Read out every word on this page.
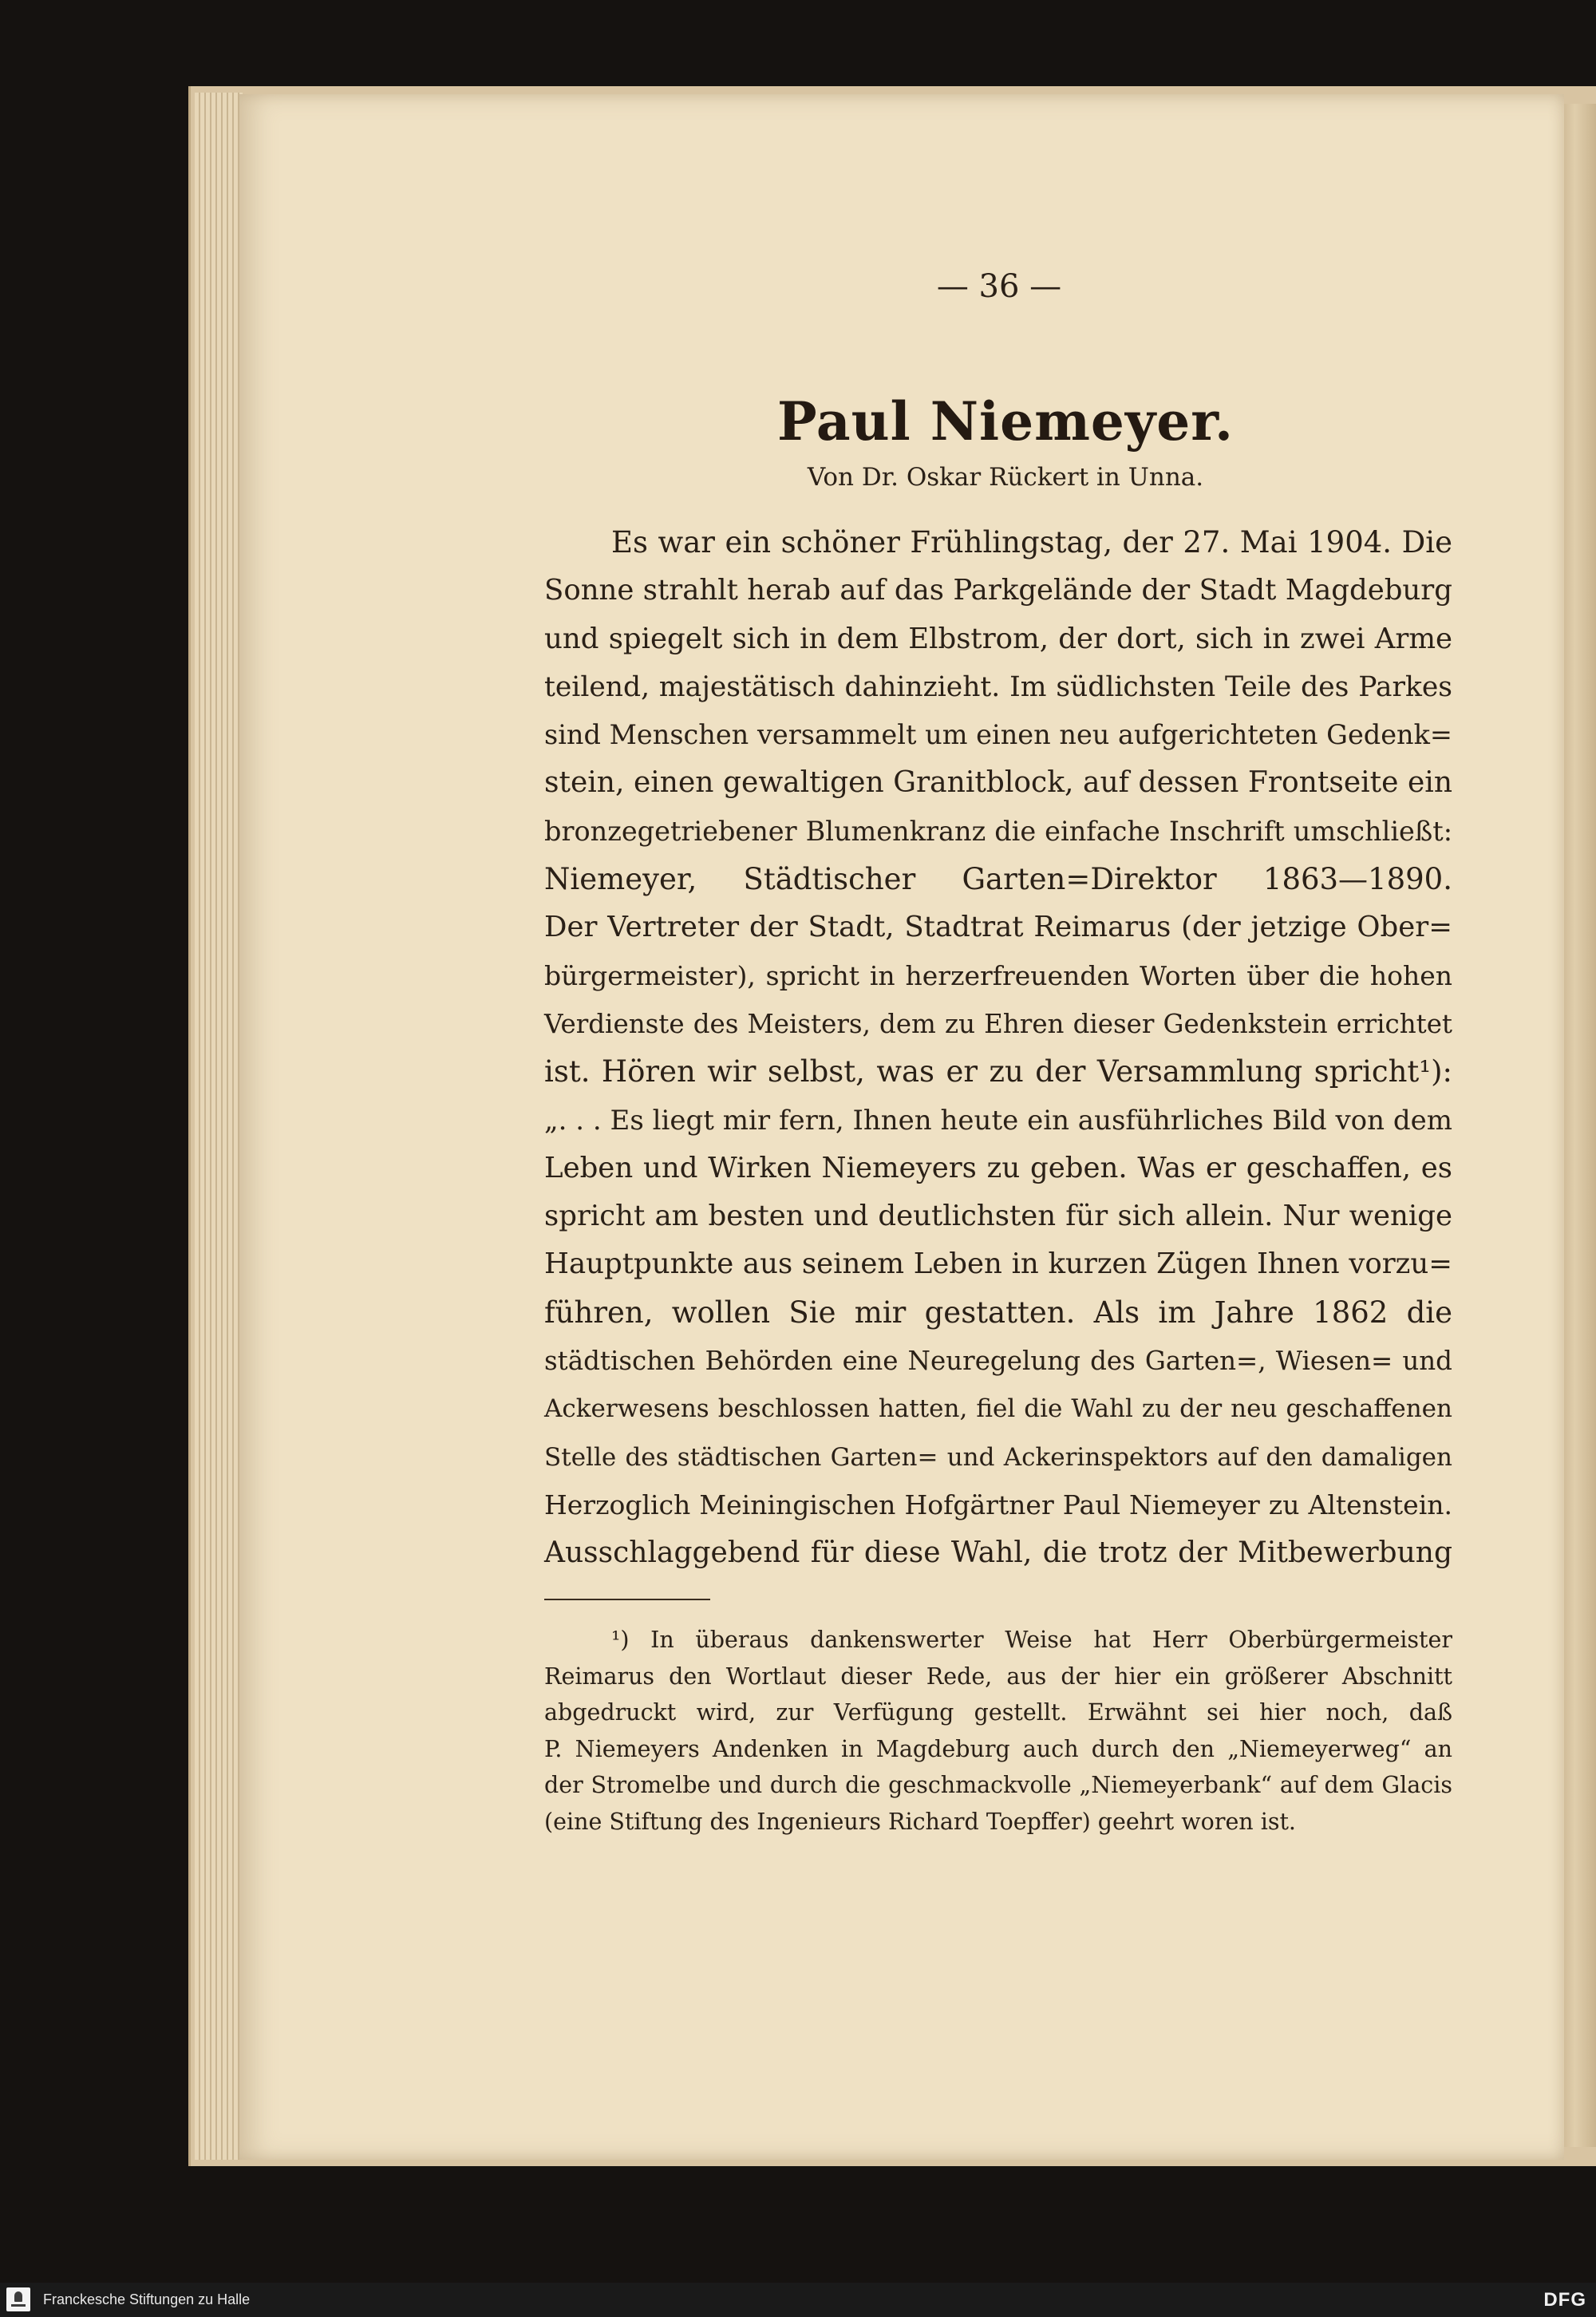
— 36 —
Paul Niemeyer.
Von Dr. Oskar Rückert in Unna.
Es war ein schöner Frühlingstag, der 27. Mai 1904. Die
Sonne strahlt herab auf das Parkgelände der Stadt Magdeburg
und spiegelt sich in dem Elbstrom, der dort, sich in zwei Arme
teilend, majestätisch dahinzieht. Im südlichsten Teile des Parkes
sind Menschen versammelt um einen neu aufgerichteten Gedenk=
stein, einen gewaltigen Granitblock, auf dessen Frontseite ein
bronzegetriebener Blumenkranz die einfache Inschrift umschließt:
Niemeyer, Städtischer Garten=Direktor 1863—1890.
Der Vertreter der Stadt, Stadtrat Reimarus (der jetzige Ober=
bürgermeister), spricht in herzerfreuenden Worten über die hohen
Verdienste des Meisters, dem zu Ehren dieser Gedenkstein errichtet
ist. Hören wir selbst, was er zu der Versammlung spricht¹):
„. . . Es liegt mir fern, Ihnen heute ein ausführliches Bild von dem
Leben und Wirken Niemeyers zu geben. Was er geschaffen, es
spricht am besten und deutlichsten für sich allein. Nur wenige
Hauptpunkte aus seinem Leben in kurzen Zügen Ihnen vorzu=
führen, wollen Sie mir gestatten. Als im Jahre 1862 die
städtischen Behörden eine Neuregelung des Garten=, Wiesen= und
Ackerwesens beschlossen hatten, fiel die Wahl zu der neu geschaffenen
Stelle des städtischen Garten= und Ackerinspektors auf den damaligen
Herzoglich Meiningischen Hofgärtner Paul Niemeyer zu Altenstein.
Ausschlaggebend für diese Wahl, die trotz der Mitbewerbung
¹) In überaus dankenswerter Weise hat Herr Oberbürgermeister
Reimarus den Wortlaut dieser Rede, aus der hier ein größerer Abschnitt
abgedruckt wird, zur Verfügung gestellt. Erwähnt sei hier noch, daß
P. Niemeyers Andenken in Magdeburg auch durch den „Niemeyerweg“ an
der Stromelbe und durch die geschmackvolle „Niemeyerbank“ auf dem Glacis
(eine Stiftung des Ingenieurs Richard Toepffer) geehrt woren ist.
Franckesche Stiftungen zu Halle	DFG
